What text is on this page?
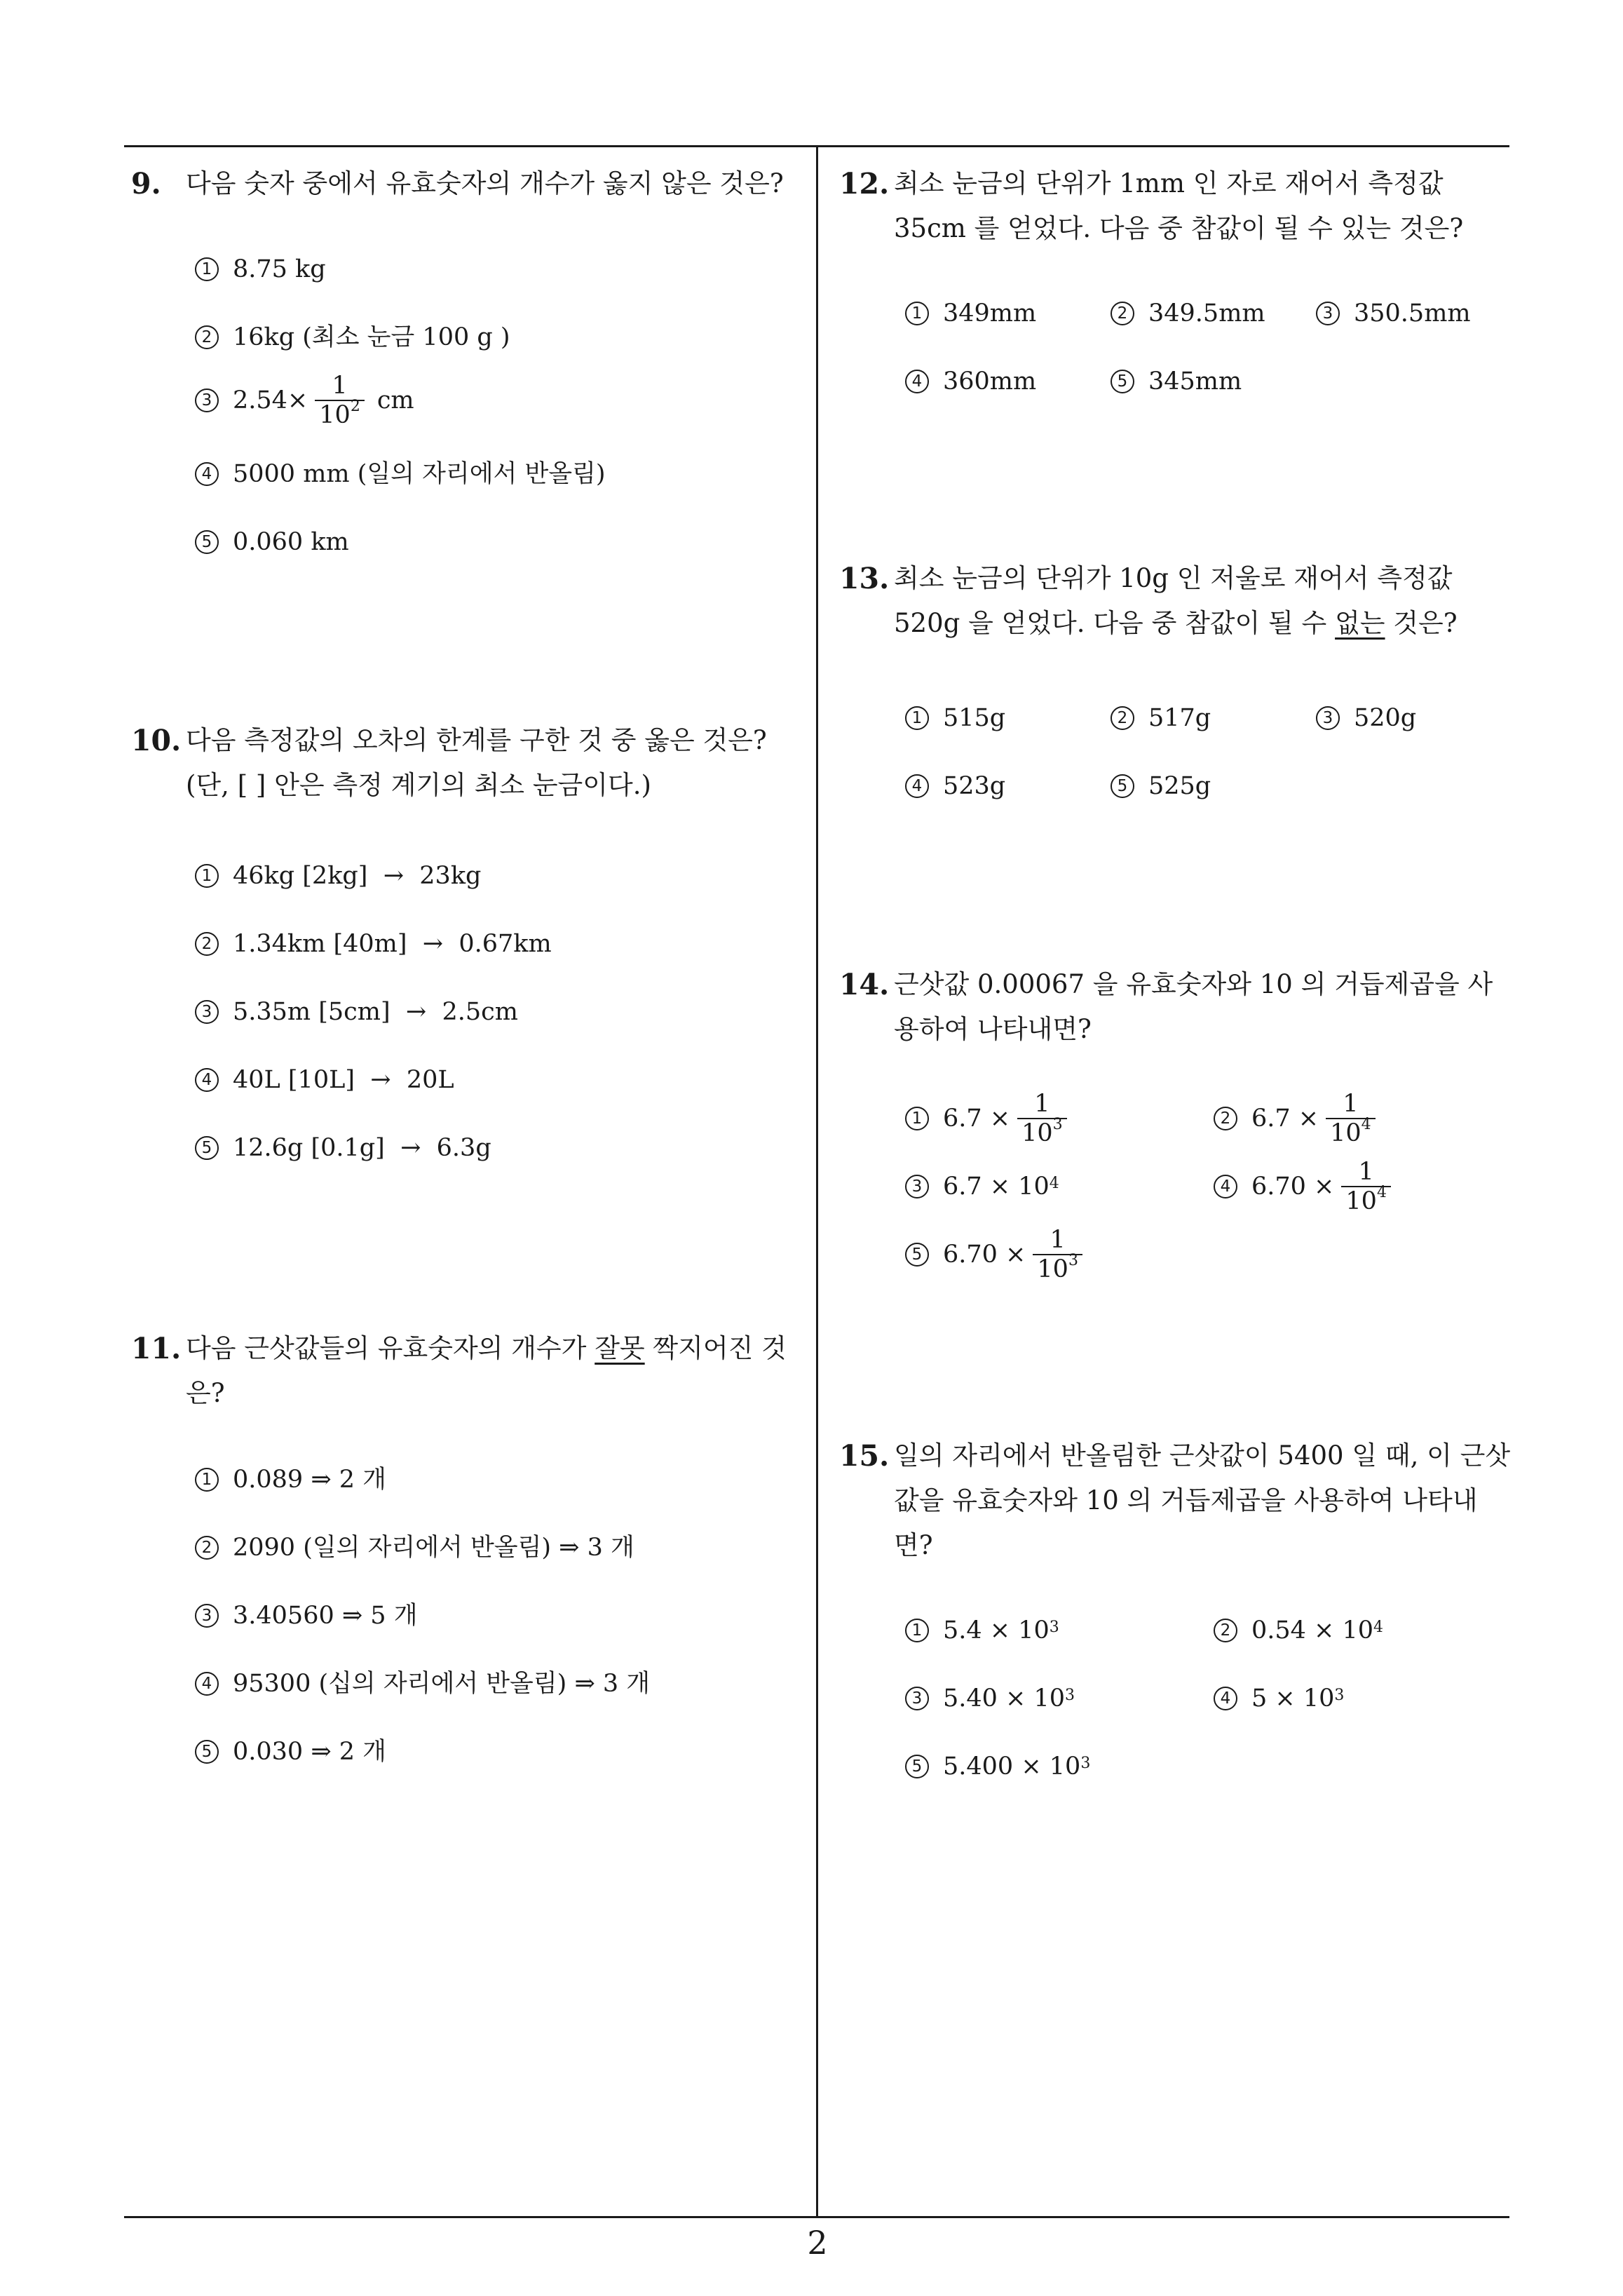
9. 다음 숫자 중에서 유효숫자의 개수가 옳지 않은 것은?
1 8.75 kg
2 16kg (최소 눈금 100 g )
3 $2.54\times \frac{1}{10^2}$ cm
4 5000 mm (일의 자리에서 반올림)
5 0.060 km
10. 다음 측정값의 오차의 한계를 구한 것 중 옳은 것은?
(단, [ ] 안은 측정 계기의 최소 눈금이다.)
1 46kg [2kg]  →  23kg
2 1.34km [40m]  →  0.67km
3 5.35m [5cm]  →  2.5cm
4 40L [10L]  →  20L
5 12.6g [0.1g]  →  6.3g
11. 다음 근삿값들의 유효숫자의 개수가 잘못 짝지어진 것 은?
1 0.089 ⇒ 2 개
2 2090 (일의 자리에서 반올림) ⇒ 3 개
3 3.40560 ⇒ 5 개
4 95300 (십의 자리에서 반올림) ⇒ 3 개
5 0.030 ⇒ 2 개
12. 최소 눈금의 단위가 1mm 인 자로 재어서 측정값 35cm 를 얻었다. 다음 중 참값이 될 수 있는 것은?
1 349mm	2 349.5mm	3 350.5mm
4 360mm	5 345mm
13. 최소 눈금의 단위가 10g 인 저울로 재어서 측정값 520g 을 얻었다. 다음 중 참값이 될 수 없는 것은?
1 515g	2 517g	3 520g
4 523g	5 525g
14. 근삿값 0.00067 을 유효숫자와 10 의 거듭제곱을 사용하여 나타내면?
1 $6.7 \times \frac{1}{10^3}$	2 $6.7 \times \frac{1}{10^4}$
3 $6.7 \times 10^4$	4 $6.70 \times \frac{1}{10^4}$
5 $6.70 \times \frac{1}{10^3}$
15. 일의 자리에서 반올림한 근삿값이 5400 일 때, 이 근삿값을 유효숫자와 10 의 거듭제곱을 사용하여 나타내면?
1 $5.4 \times 10^3$	2 $0.54 \times 10^4$
3 $5.40 \times 10^3$	4 $5 \times 10^3$
5 $5.400 \times 10^3$
2
